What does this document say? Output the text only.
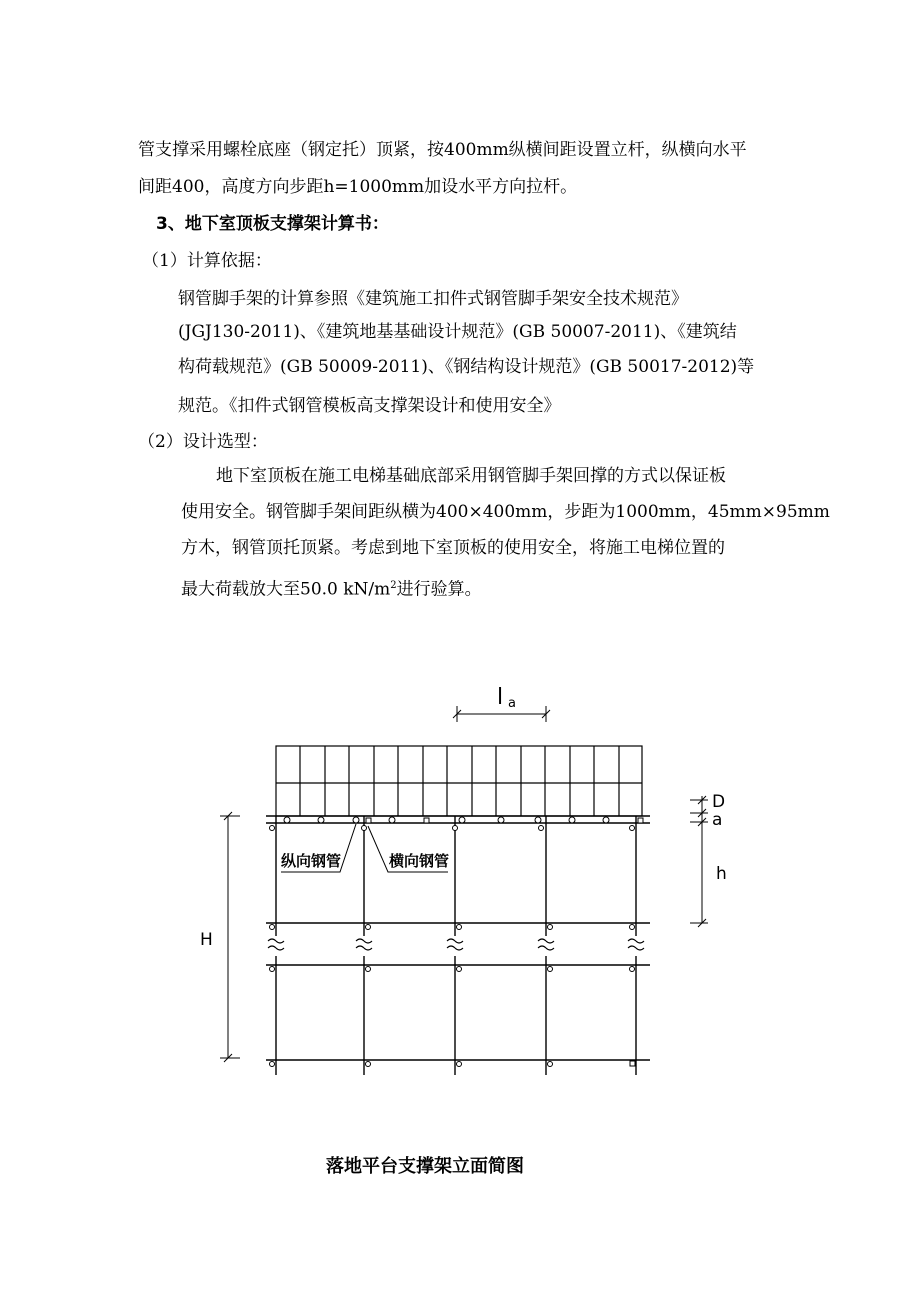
管支撑采用螺栓底座（钢定托）顶紧，按400mm纵横间距设置立杆，纵横向水平
间距400，高度方向步距h=1000mm加设水平方向拉杆。
3、地下室顶板支撑架计算书：
（1）计算依据：
钢管脚手架的计算参照《建筑施工扣件式钢管脚手架安全技术规范》
(JGJ130-2011)、《建筑地基基础设计规范》(GB 50007-2011)、《建筑结
构荷载规范》(GB 50009-2011)、《钢结构设计规范》(GB 50017-2012)等
规范。《扣件式钢管模板高支撑架设计和使用安全》
（2）设计选型：
地下室顶板在施工电梯基础底部采用钢管脚手架回撑的方式以保证板
使用安全。钢管脚手架间距纵横为400×400mm，步距为1000mm，45mm×95mm
方木，钢管顶托顶紧。考虑到地下室顶板的使用安全，将施工电梯位置的
最大荷载放大至50.0 $kN/m^2$进行验算。
l a
D
a
h
H
纵向钢管	横向钢管
落地平台支撑架立面简图
